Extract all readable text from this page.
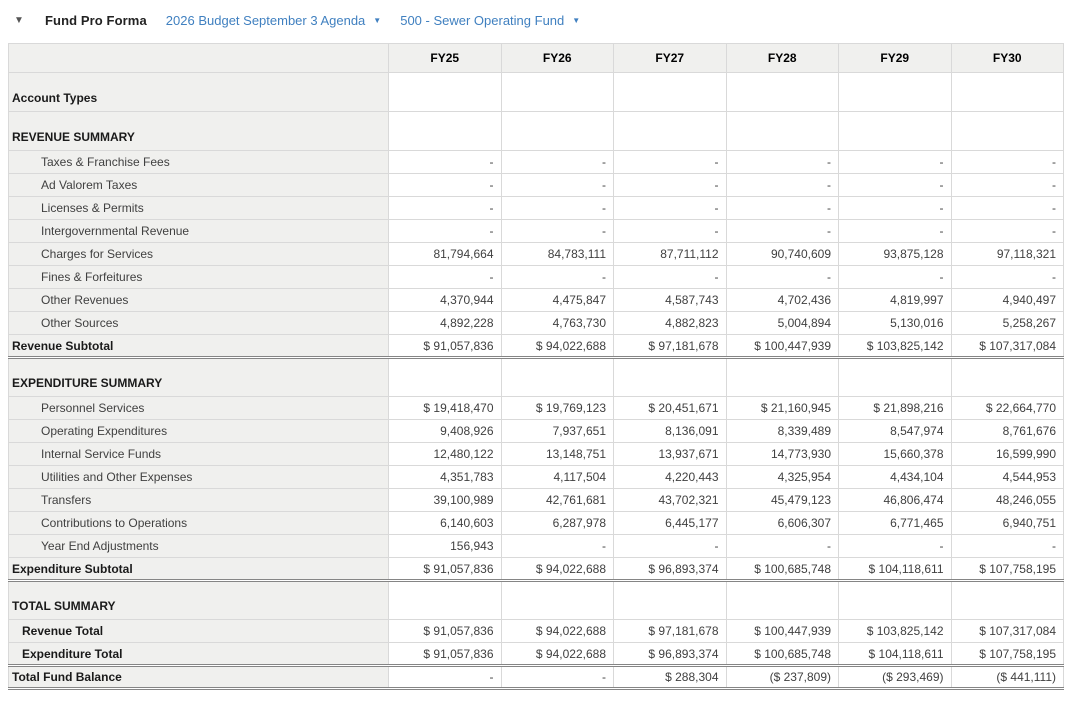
▼	Fund Pro Forma 2026 Budget September 3 Agenda ▼ 500 - Sewer Operating Fund ▼
	FY25	FY26	FY27	FY28	FY29	FY30
Account Types						
REVENUE SUMMARY						
Taxes & Franchise Fees	-	-	-	-	-	-
Ad Valorem Taxes	-	-	-	-	-	-
Licenses & Permits	-	-	-	-	-	-
Intergovernmental Revenue	-	-	-	-	-	-
Charges for Services	81,794,664	84,783,111	87,711,112	90,740,609	93,875,128	97,118,321
Fines & Forfeitures	-	-	-	-	-	-
Other Revenues	4,370,944	4,475,847	4,587,743	4,702,436	4,819,997	4,940,497
Other Sources	4,892,228	4,763,730	4,882,823	5,004,894	5,130,016	5,258,267
Revenue Subtotal	$ 91,057,836	$ 94,022,688	$ 97,181,678	$ 100,447,939	$ 103,825,142	$ 107,317,084
EXPENDITURE SUMMARY						
Personnel Services	$ 19,418,470	$ 19,769,123	$ 20,451,671	$ 21,160,945	$ 21,898,216	$ 22,664,770
Operating Expenditures	9,408,926	7,937,651	8,136,091	8,339,489	8,547,974	8,761,676
Internal Service Funds	12,480,122	13,148,751	13,937,671	14,773,930	15,660,378	16,599,990
Utilities and Other Expenses	4,351,783	4,117,504	4,220,443	4,325,954	4,434,104	4,544,953
Transfers	39,100,989	42,761,681	43,702,321	45,479,123	46,806,474	48,246,055
Contributions to Operations	6,140,603	6,287,978	6,445,177	6,606,307	6,771,465	6,940,751
Year End Adjustments	156,943	-	-	-	-	-
Expenditure Subtotal	$ 91,057,836	$ 94,022,688	$ 96,893,374	$ 100,685,748	$ 104,118,611	$ 107,758,195
TOTAL SUMMARY						
Revenue Total	$ 91,057,836	$ 94,022,688	$ 97,181,678	$ 100,447,939	$ 103,825,142	$ 107,317,084
Expenditure Total	$ 91,057,836	$ 94,022,688	$ 96,893,374	$ 100,685,748	$ 104,118,611	$ 107,758,195
Total Fund Balance	-	-	$ 288,304	($ 237,809)	($ 293,469)	($ 441,111)
